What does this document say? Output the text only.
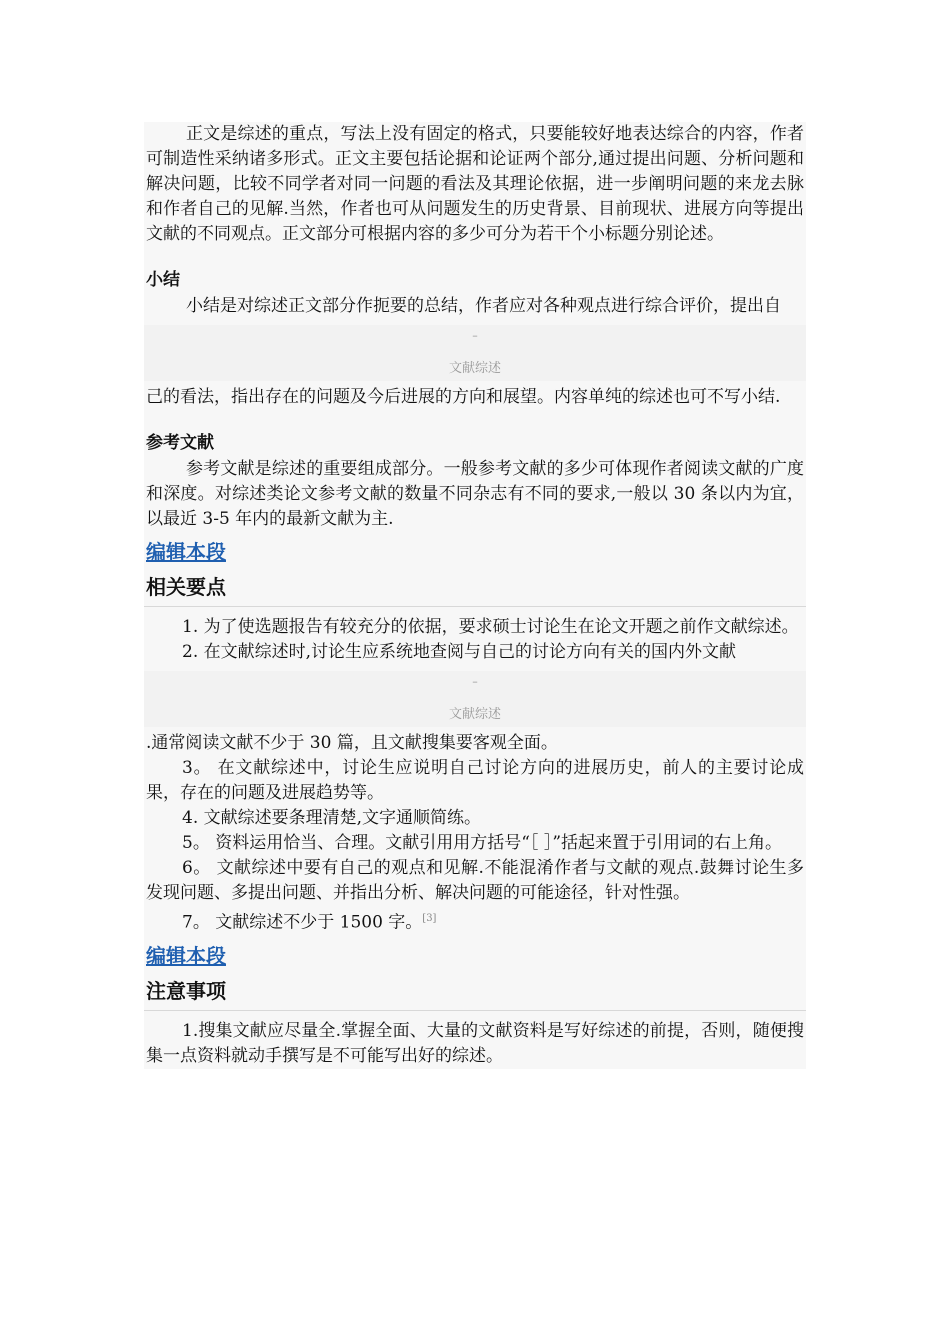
正文是综述的重点，写法上没有固定的格式，只要能较好地表达综合的内容，作者可制造性采纳诸多形式。正文主要包括论据和论证两个部分,通过提出问题、分析问题和解决问题，比较不同学者对同一问题的看法及其理论依据，进一步阐明问题的来龙去脉和作者自己的见解.当然，作者也可从问题发生的历史背景、目前现状、进展方向等提出文献的不同观点。正文部分可根据内容的多少可分为若干个小标题分别论述。

小结

小结是对综述正文部分作扼要的总结，作者应对各种观点进行综合评价，提出自

–
文献综述

己的看法，指出存在的问题及今后进展的方向和展望。内容单纯的综述也可不写小结.

参考文献

参考文献是综述的重要组成部分。一般参考文献的多少可体现作者阅读文献的广度和深度。对综述类论文参考文献的数量不同杂志有不同的要求,一般以 30 条以内为宜，以最近 3-5 年内的最新文献为主.

编辑本段
相关要点

1. 为了使选题报告有较充分的依据，要求硕士讨论生在论文开题之前作文献综述。

2. 在文献综述时,讨论生应系统地查阅与自己的讨论方向有关的国内外文献

–
文献综述

.通常阅读文献不少于 30 篇，且文献搜集要客观全面。

3。 在文献综述中，讨论生应说明自己讨论方向的进展历史，前人的主要讨论成果，存在的问题及进展趋势等。

4. 文献综述要条理清楚,文字通顺简练。

5。 资料运用恰当、合理。文献引用用方括号“［ ］”括起来置于引用词的右上角。

6。 文献综述中要有自己的观点和见解.不能混淆作者与文献的观点.鼓舞讨论生多发现问题、多提出问题、并指出分析、解决问题的可能途径，针对性强。

7。 文献综述不少于 1500 字。[3]

编辑本段
注意事项

1.搜集文献应尽量全.掌握全面、大量的文献资料是写好综述的前提，否则，随便搜集一点资料就动手撰写是不可能写出好的综述。
